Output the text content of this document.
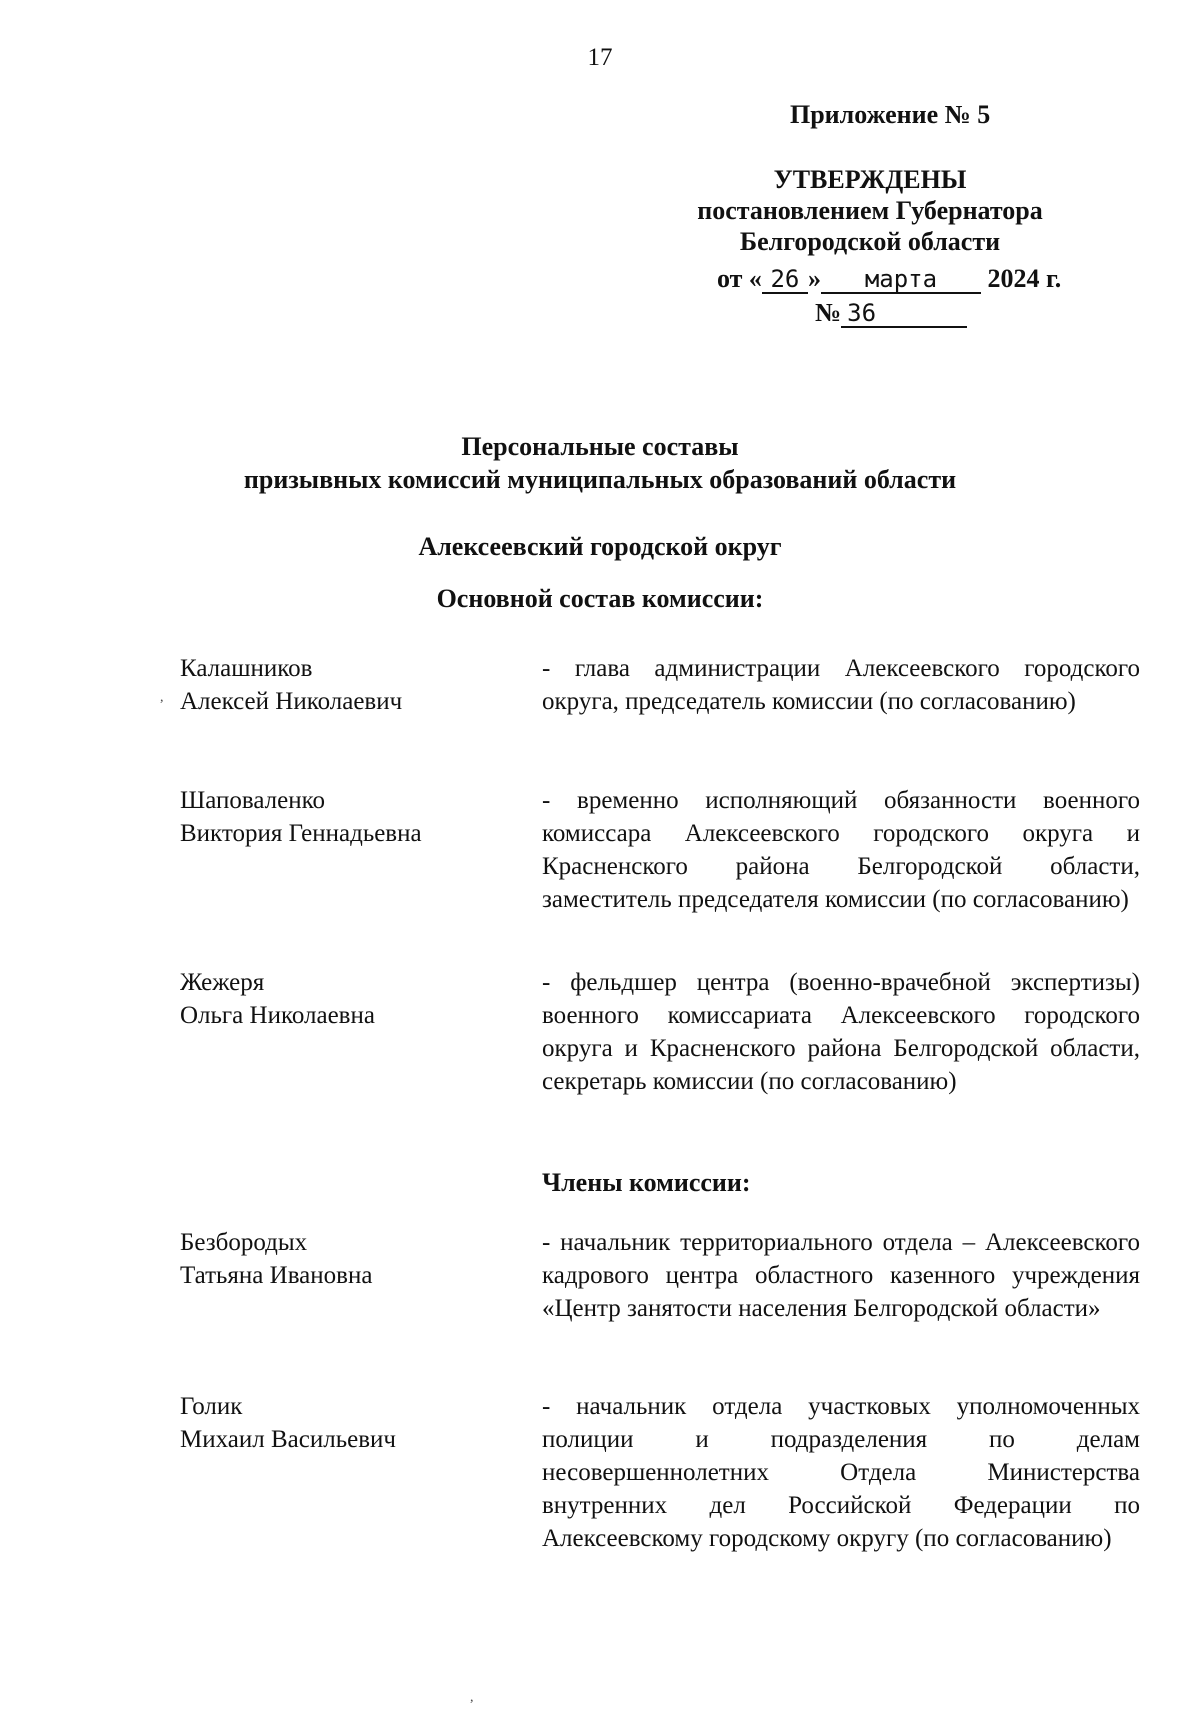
17
Приложение № 5
УТВЕРЖДЕНЫ
постановлением Губернатора
Белгородской области
от « 26 » марта 2024 г.
№ 36
Персональные составы
призывных комиссий муниципальных образований области
Алексеевский городской округ
Основной состав комиссии:
Калашников
Алексей Николаевич
- глава администрации Алексеевского городского округа, председатель комиссии (по согласованию)
Шаповаленко
Виктория Геннадьевна
- временно исполняющий обязанности военного комиссара Алексеевского городского округа и Красненского района Белгородской области, заместитель председателя комиссии (по согласованию)
Жежеря
Ольга Николаевна
- фельдшер центра (военно-врачебной экспертизы) военного комиссариата Алексеевского городского округа и Красненского района Белгородской области, секретарь комиссии (по согласованию)
Члены комиссии:
Безбородых
Татьяна Ивановна
- начальник территориального отдела – Алексеевского кадрового центра областного казенного учреждения «Центр занятости населения Белгородской области»
Голик
Михаил Васильевич
- начальник отдела участковых уполномоченных полиции и подразделения по делам несовершеннолетних Отдела Министерства внутренних дел Российской Федерации по Алексеевскому городскому округу (по согласованию)
,
,
